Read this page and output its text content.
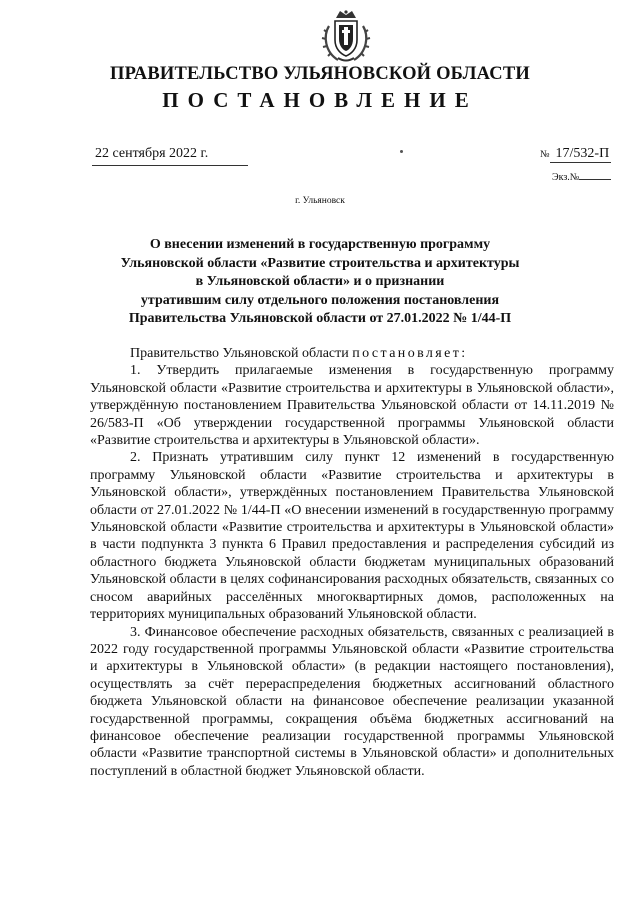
ПРАВИТЕЛЬСТВО УЛЬЯНОВСКОЙ ОБЛАСТИ
ПОСТАНОВЛЕНИЕ
22 сентября 2022 г.	№ 17/532-П
Экз.№
г. Ульяновск
О внесении изменений в государственную программу
Ульяновской области «Развитие строительства и архитектуры
в Ульяновской области» и о признании
утратившим силу отдельного положения постановления
Правительства Ульяновской области от 27.01.2022 № 1/44-П

Правительство Ульяновской области постановляет:

1. Утвердить прилагаемые изменения в государственную программу Ульяновской области «Развитие строительства и архитектуры в Ульяновской области», утверждённую постановлением Правительства Ульяновской области от 14.11.2019 № 26/583-П «Об утверждении государственной программы Ульяновской области «Развитие строительства и архитектуры в Ульяновской области».

2. Признать утратившим силу пункт 12 изменений в государственную программу Ульяновской области «Развитие строительства и архитектуры в Ульяновской области», утверждённых постановлением Правительства Ульяновской области от 27.01.2022 № 1/44-П «О внесении изменений в государственную программу Ульяновской области «Развитие строительства и архитектуры в Ульяновской области» в части подпункта 3 пункта 6 Правил предоставления и распределения субсидий из областного бюджета Ульяновской области бюджетам муниципальных образований Ульяновской области в целях софинансирования расходных обязательств, связанных со сносом аварийных расселённых многоквартирных домов, расположенных на территориях муниципальных образований Ульяновской области.

3. Финансовое обеспечение расходных обязательств, связанных с реализацией в 2022 году государственной программы Ульяновской области «Развитие строительства и архитектуры в Ульяновской области» (в редакции настоящего постановления), осуществлять за счёт перераспределения бюджетных ассигнований областного бюджета Ульяновской области на финансовое обеспечение реализации указанной государственной программы, сокращения объёма бюджетных ассигнований на финансовое обеспечение реализации государственной программы Ульяновской области «Развитие транспортной системы в Ульяновской области» и дополнительных поступлений в областной бюджет Ульяновской области.
